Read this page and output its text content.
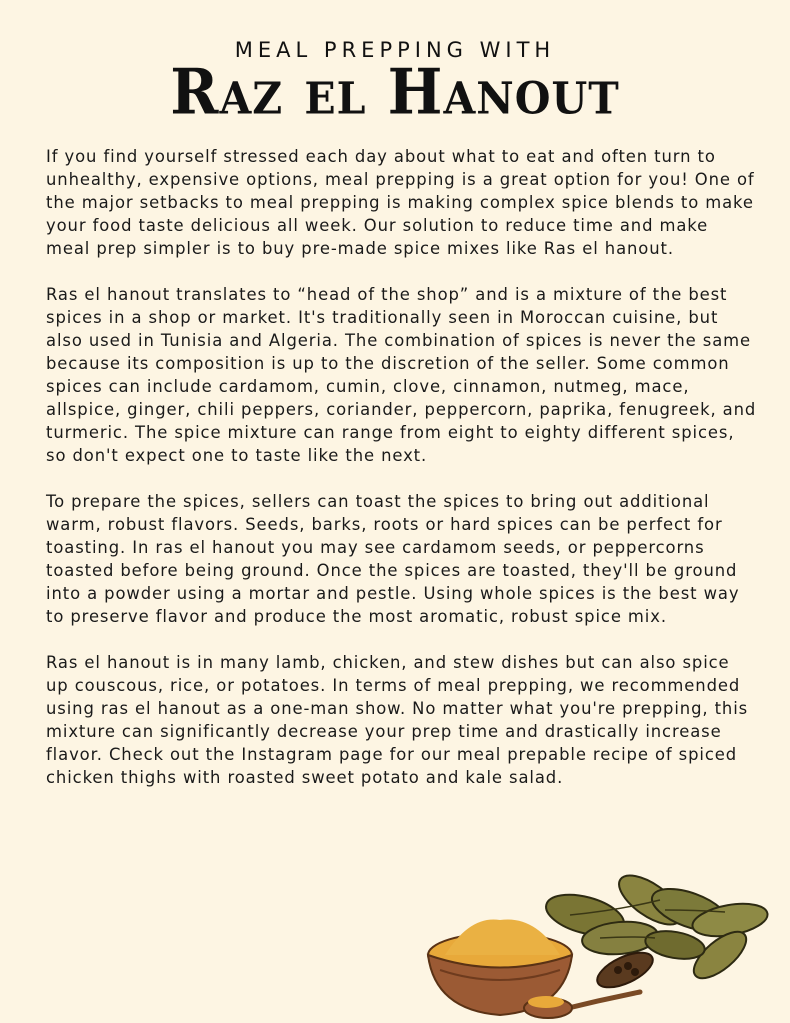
MEAL PREPPING WITH
Raz el Hanout

If you find yourself stressed each day about what to eat and often turn to unhealthy, expensive options, meal prepping is a great option for you! One of the major setbacks to meal prepping is making complex spice blends to make your food taste delicious all week. Our solution to reduce time and make meal prep simpler is to buy pre-made spice mixes like Ras el hanout.

Ras el hanout translates to “head of the shop” and is a mixture of the best spices in a shop or market. It's traditionally seen in Moroccan cuisine, but also used in Tunisia and Algeria. The combination of spices is never the same because its composition is up to the discretion of the seller. Some common spices can include cardamom, cumin, clove, cinnamon, nutmeg, mace, allspice, ginger, chili peppers, coriander, peppercorn, paprika, fenugreek, and turmeric. The spice mixture can range from eight to eighty different spices, so don't expect one to taste like the next.

To prepare the spices, sellers can toast the spices to bring out additional warm, robust flavors. Seeds, barks, roots or hard spices can be perfect for toasting. In ras el hanout you may see cardamom seeds, or peppercorns toasted before being ground. Once the spices are toasted, they'll be ground into a powder using a mortar and pestle. Using whole spices is the best way to preserve flavor and produce the most aromatic, robust spice mix.

Ras el hanout is in many lamb, chicken, and stew dishes but can also spice up couscous, rice, or potatoes. In terms of meal prepping, we recommended using ras el hanout as a one-man show. No matter what you're prepping, this mixture can significantly decrease your prep time and drastically increase flavor. Check out the Instagram page for our meal prepable recipe of spiced chicken thighs with roasted sweet potato and kale salad.
